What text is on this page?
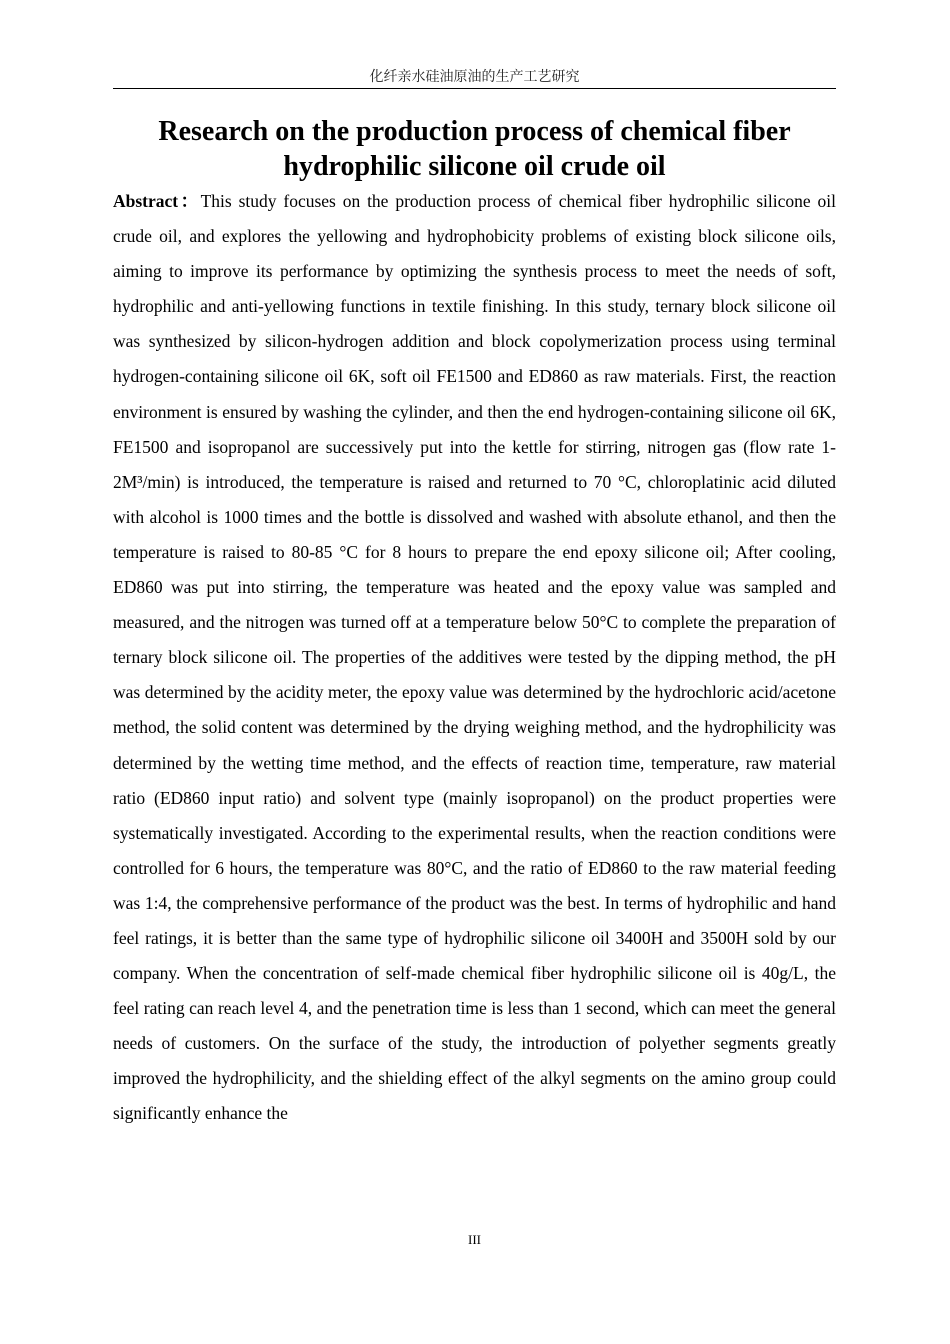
化纤亲水硅油原油的生产工艺研究
Research on the production process of chemical fiber hydrophilic silicone oil crude oil

Abstract：This study focuses on the production process of chemical fiber hydrophilic silicone oil crude oil, and explores the yellowing and hydrophobicity problems of existing block silicone oils, aiming to improve its performance by optimizing the synthesis process to meet the needs of soft, hydrophilic and anti-yellowing functions in textile finishing. In this study, ternary block silicone oil was synthesized by silicon-hydrogen addition and block copolymerization process using terminal hydrogen-containing silicone oil 6K, soft oil FE1500 and ED860 as raw materials. First, the reaction environment is ensured by washing the cylinder, and then the end hydrogen-containing silicone oil 6K, FE1500 and isopropanol are successively put into the kettle for stirring, nitrogen gas (flow rate 1-2M³/min) is introduced, the temperature is raised and returned to 70 °C, chloroplatinic acid diluted with alcohol is 1000 times and the bottle is dissolved and washed with absolute ethanol, and then the temperature is raised to 80-85 °C for 8 hours to prepare the end epoxy silicone oil; After cooling, ED860 was put into stirring, the temperature was heated and the epoxy value was sampled and measured, and the nitrogen was turned off at a temperature below 50°C to complete the preparation of ternary block silicone oil. The properties of the additives were tested by the dipping method, the pH was determined by the acidity meter, the epoxy value was determined by the hydrochloric acid/acetone method, the solid content was determined by the drying weighing method, and the hydrophilicity was determined by the wetting time method, and the effects of reaction time, temperature, raw material ratio (ED860 input ratio) and solvent type (mainly isopropanol) on the product properties were systematically investigated. According to the experimental results, when the reaction conditions were controlled for 6 hours, the temperature was 80°C, and the ratio of ED860 to the raw material feeding was 1:4, the comprehensive performance of the product was the best. In terms of hydrophilic and hand feel ratings, it is better than the same type of hydrophilic silicone oil 3400H and 3500H sold by our company. When the concentration of self-made chemical fiber hydrophilic silicone oil is 40g/L, the feel rating can reach level 4, and the penetration time is less than 1 second, which can meet the general needs of customers. On the surface of the study, the introduction of polyether segments greatly improved the hydrophilicity, and the shielding effect of the alkyl segments on the amino group could significantly enhance the

III
